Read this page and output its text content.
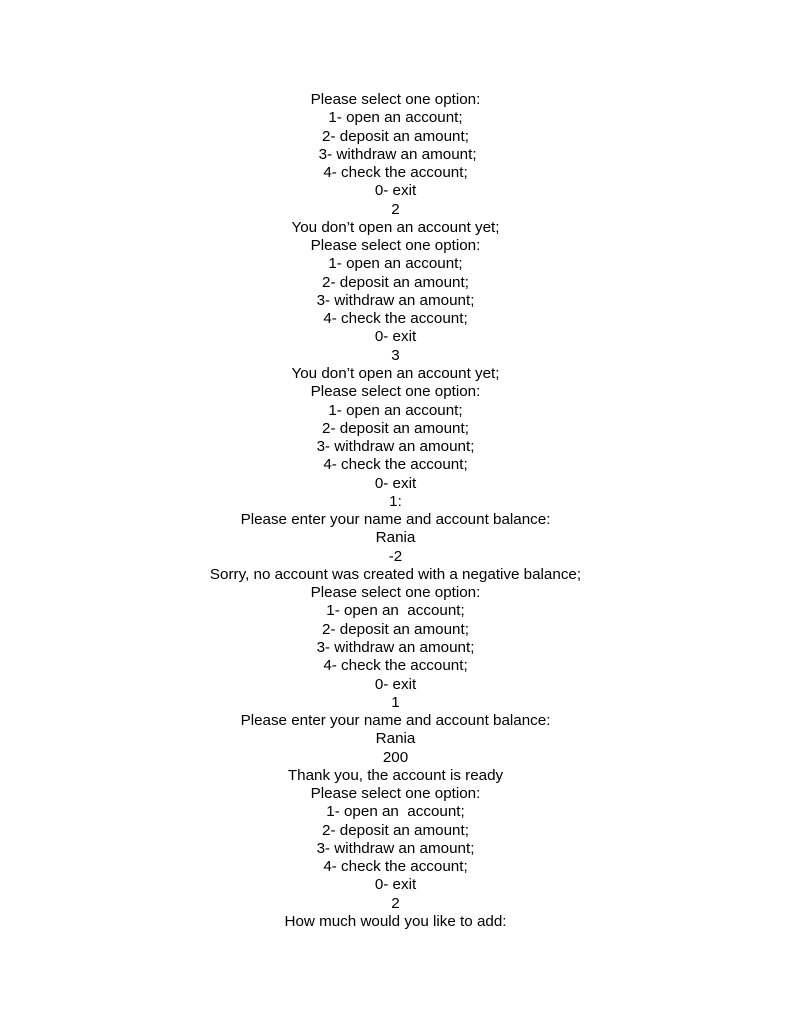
Please select one option:
1- open an account;
2- deposit an amount;
3- withdraw an amount;
4- check the account;
0- exit
2
You don’t open an account yet;
Please select one option:
1- open an account;
2- deposit an amount;
3- withdraw an amount;
4- check the account;
0- exit
3
You don’t open an account yet;
Please select one option:
1- open an account;
2- deposit an amount;
3- withdraw an amount;
4- check the account;
0- exit
1:
Please enter your name and account balance:
Rania
-2
Sorry, no account was created with a negative balance;
Please select one option:
1- open an  account;
2- deposit an amount;
3- withdraw an amount;
4- check the account;
0- exit
1
Please enter your name and account balance:
Rania
200
Thank you, the account is ready
Please select one option:
1- open an  account;
2- deposit an amount;
3- withdraw an amount;
4- check the account;
0- exit
2
How much would you like to add:
